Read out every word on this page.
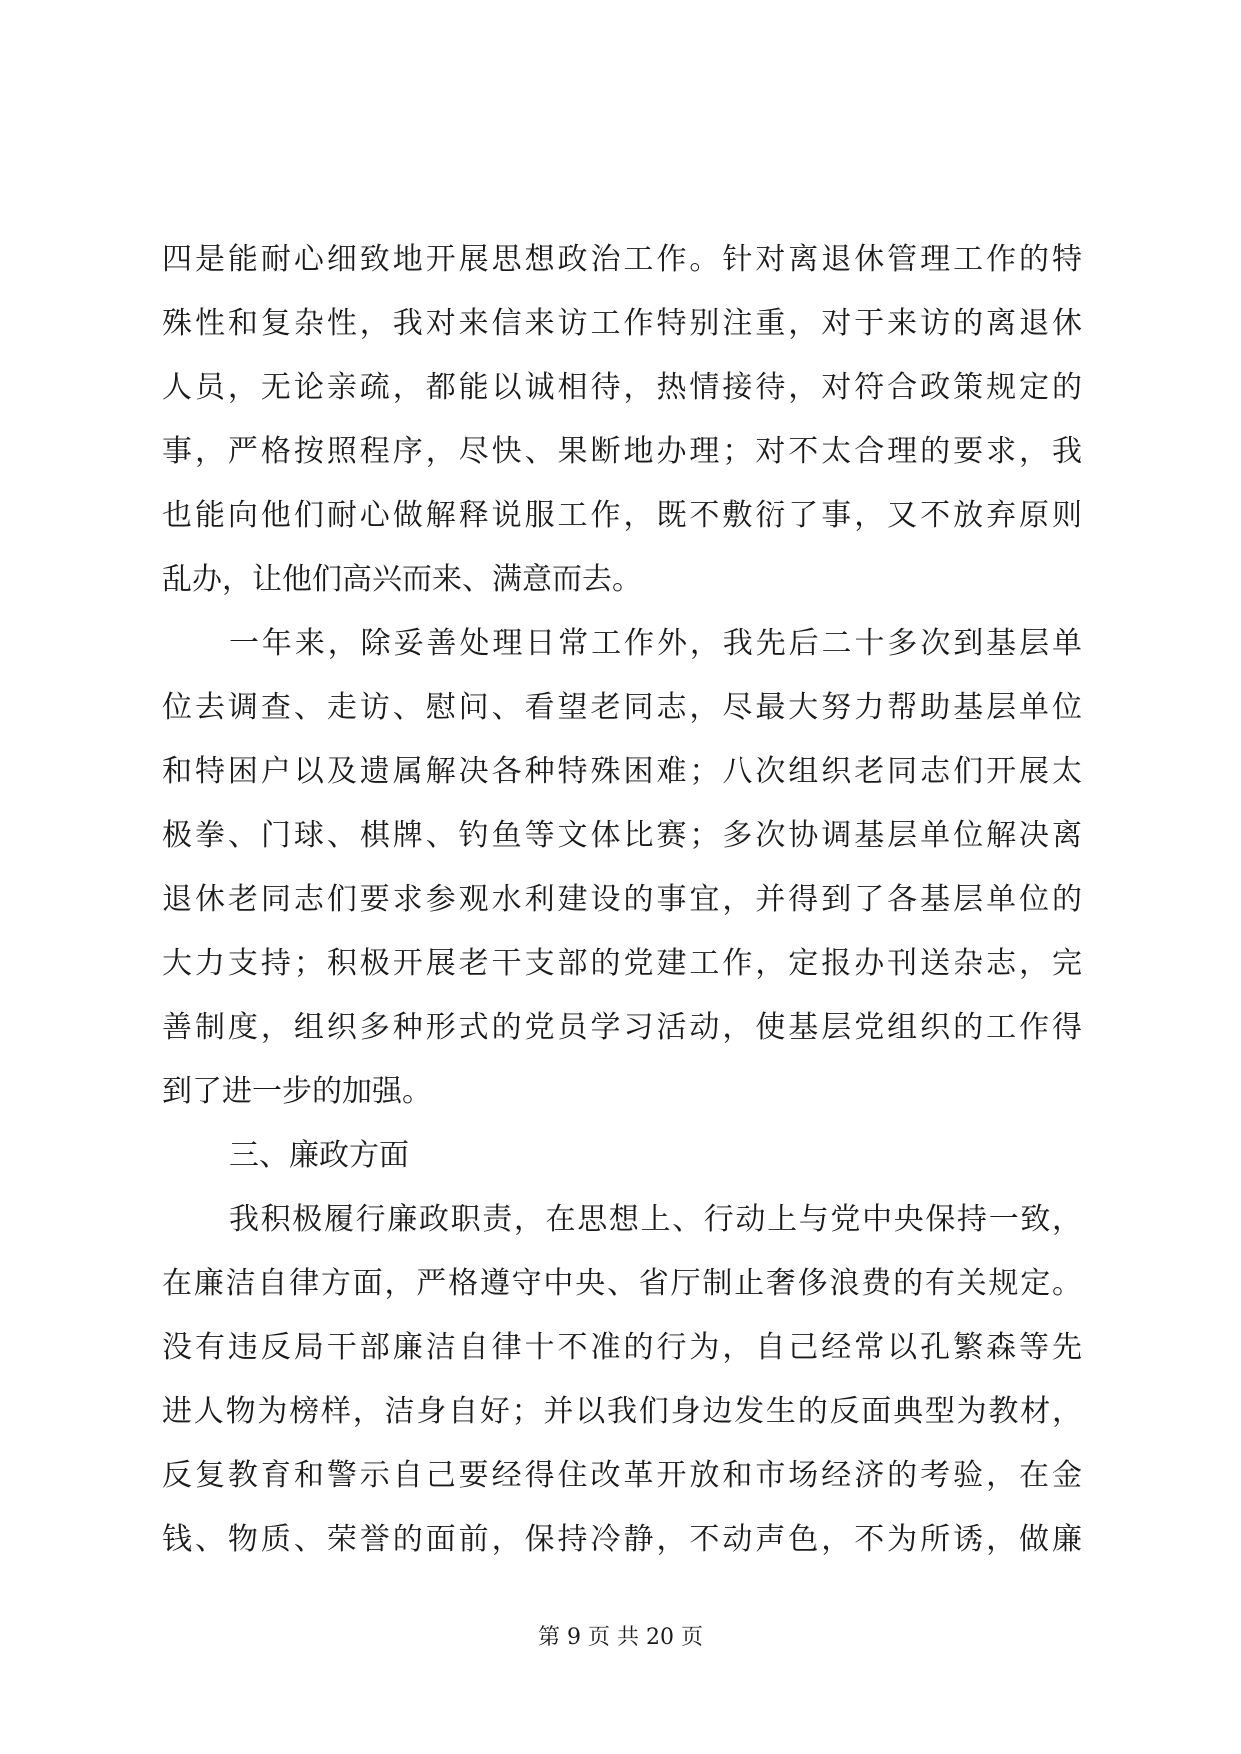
四是能耐心细致地开展思想政治工作。针对离退休管理工作的特
殊性和复杂性，我对来信来访工作特别注重，对于来访的离退休
人员，无论亲疏，都能以诚相待，热情接待，对符合政策规定的
事，严格按照程序，尽快、果断地办理；对不太合理的要求，我
也能向他们耐心做解释说服工作，既不敷衍了事，又不放弃原则
乱办，让他们高兴而来、满意而去。
一年来，除妥善处理日常工作外，我先后二十多次到基层单
位去调查、走访、慰问、看望老同志，尽最大努力帮助基层单位
和特困户以及遗属解决各种特殊困难；八次组织老同志们开展太
极拳、门球、棋牌、钓鱼等文体比赛；多次协调基层单位解决离
退休老同志们要求参观水利建设的事宜，并得到了各基层单位的
大力支持；积极开展老干支部的党建工作，定报办刊送杂志，完
善制度，组织多种形式的党员学习活动，使基层党组织的工作得
到了进一步的加强。
三、廉政方面
我积极履行廉政职责，在思想上、行动上与党中央保持一致，
在廉洁自律方面，严格遵守中央、省厅制止奢侈浪费的有关规定。
没有违反局干部廉洁自律十不准的行为，自己经常以孔繁森等先
进人物为榜样，洁身自好；并以我们身边发生的反面典型为教材，
反复教育和警示自己要经得住改革开放和市场经济的考验，在金
钱、物质、荣誉的面前，保持冷静，不动声色，不为所诱，做廉
第 9 页 共 20 页
